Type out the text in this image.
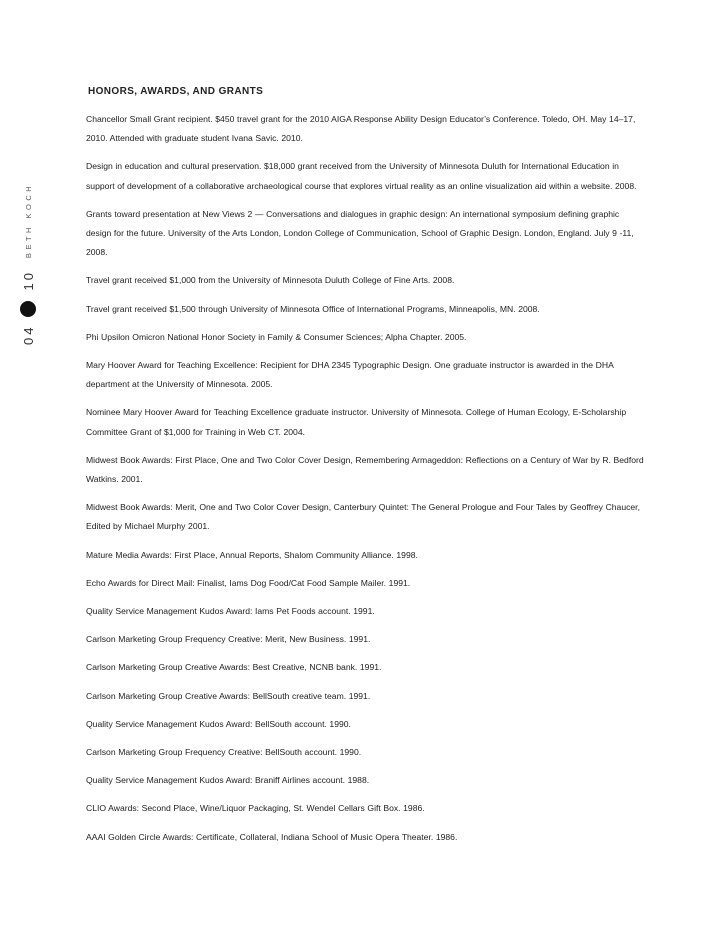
04
10
BETH KOCH
HONORS, AWARDS, AND GRANTS

Chancellor Small Grant recipient. $450 travel grant for the 2010 AIGA Response Ability Design Educator’s Conference. Toledo, OH. May 14–17, 2010. Attended with graduate student Ivana Savic. 2010.

Design in education and cultural preservation. $18,000 grant received from the University of Minnesota Duluth for International Education in support of development of a collaborative archaeological course that explores virtual reality as an online visualization aid within a website. 2008.

Grants toward presentation at New Views 2 — Conversations and dialogues in graphic design: An international symposium defining graphic design for the future. University of the Arts London, London College of Communication, School of Graphic Design. London, England. July 9 -11, 2008.

Travel grant received $1,000 from the University of Minnesota Duluth College of Fine Arts. 2008.

Travel grant received $1,500 through University of Minnesota Office of International Programs, Minneapolis, MN. 2008.

Phi Upsilon Omicron National Honor Society in Family & Consumer Sciences; Alpha Chapter. 2005.

Mary Hoover Award for Teaching Excellence: Recipient for DHA 2345 Typographic Design. One graduate instructor is awarded in the DHA department at the University of Minnesota. 2005.

Nominee Mary Hoover Award for Teaching Excellence graduate instructor. University of Minnesota. College of Human Ecology, E-Scholarship Committee Grant of $1,000 for Training in Web CT. 2004.

Midwest Book Awards: First Place, One and Two Color Cover Design, Remembering Armageddon: Reflections on a Century of War by R. Bedford Watkins. 2001.

Midwest Book Awards: Merit, One and Two Color Cover Design, Canterbury Quintet: The General Prologue and Four Tales by Geoffrey Chaucer, Edited by Michael Murphy 2001.

Mature Media Awards: First Place, Annual Reports, Shalom Community Alliance. 1998.

Echo Awards for Direct Mail: Finalist, Iams Dog Food/Cat Food Sample Mailer. 1991.

Quality Service Management Kudos Award: Iams Pet Foods account. 1991.

Carlson Marketing Group Frequency Creative: Merit, New Business. 1991.

Carlson Marketing Group Creative Awards: Best Creative, NCNB bank. 1991.

Carlson Marketing Group Creative Awards: BellSouth creative team. 1991.

Quality Service Management Kudos Award: BellSouth account. 1990.

Carlson Marketing Group Frequency Creative: BellSouth account. 1990.

Quality Service Management Kudos Award: Braniff Airlines account. 1988.

CLIO Awards: Second Place, Wine/Liquor Packaging, St. Wendel Cellars Gift Box. 1986.

AAAI Golden Circle Awards: Certificate, Collateral, Indiana School of Music Opera Theater. 1986.
